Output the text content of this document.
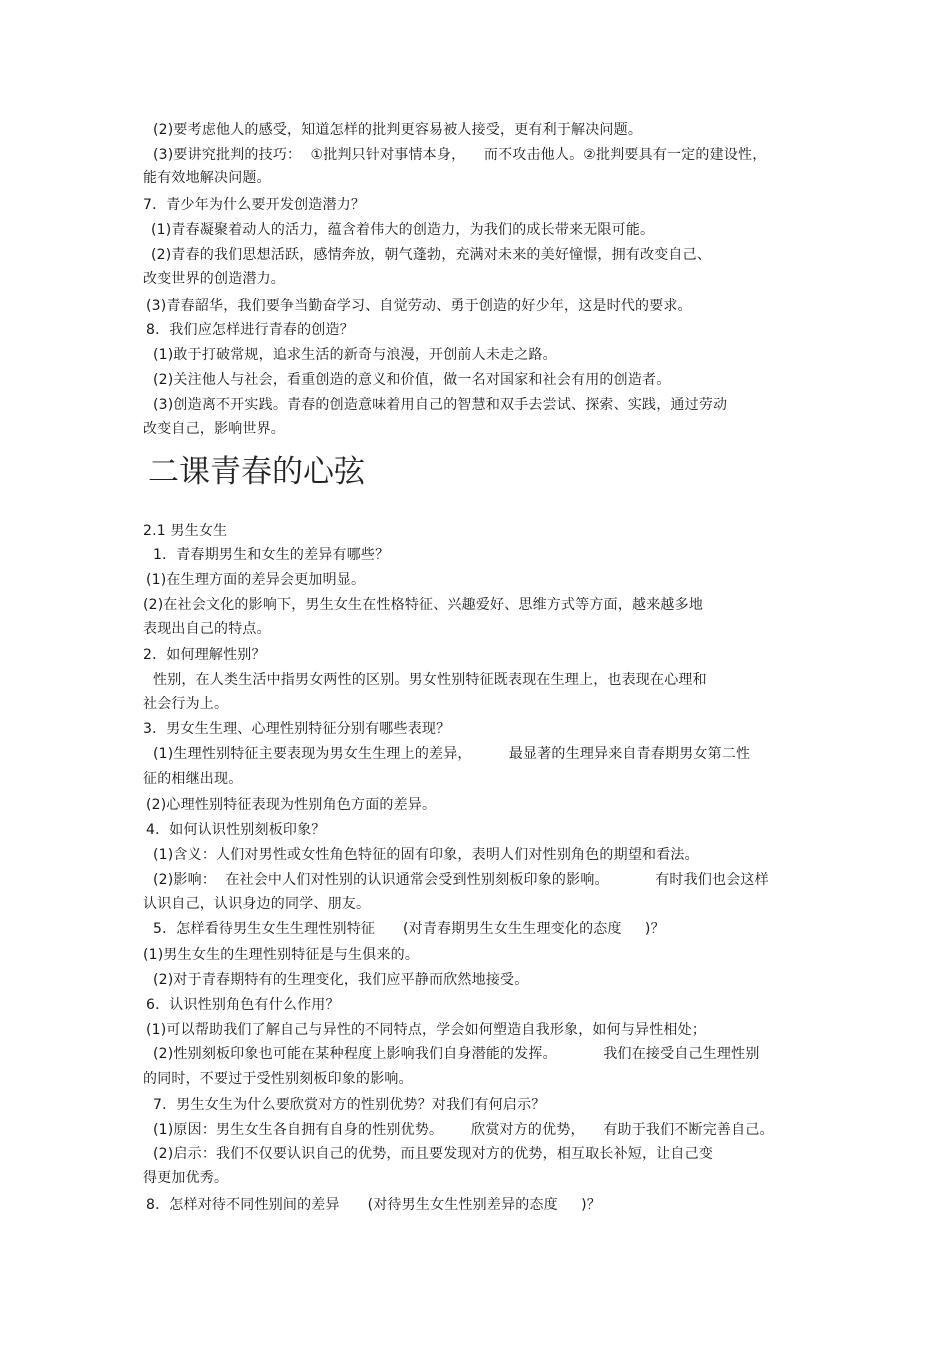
(2)要考虑他人的感受，知道怎样的批判更容易被人接受，更有利于解决问题。
(3)要讲究批判的技巧：  ①批判只针对事情本身，    而不攻击他人。②批判要具有一定的建设性，
能有效地解决问题。
7．青少年为什么要开发创造潜力？
(1)青春凝聚着动人的活力，蕴含着伟大的创造力，为我们的成长带来无限可能。
(2)青春的我们思想活跃，感情奔放，朝气蓬勃，充满对未来的美好憧憬，拥有改变自己、
改变世界的创造潜力。
(3)青春韶华，我们要争当勤奋学习、自觉劳动、勇于创造的好少年，这是时代的要求。
8．我们应怎样进行青春的创造？
(1)敢于打破常规，追求生活的新奇与浪漫，开创前人未走之路。
(2)关注他人与社会，看重创造的意义和价值，做一名对国家和社会有用的创造者。
(3)创造离不开实践。青春的创造意味着用自己的智慧和双手去尝试、探索、实践，通过劳动
改变自己，影响世界。
二课青春的心弦
2.1 男生女生
1．青春期男生和女生的差异有哪些？
(1)在生理方面的差异会更加明显。
(2)在社会文化的影响下，男生女生在性格特征、兴趣爱好、思维方式等方面，越来越多地
表现出自己的特点。
2．如何理解性别？
性别，在人类生活中指男女两性的区别。男女性别特征既表现在生理上，也表现在心理和
社会行为上。
3．男女生生理、心理性别特征分别有哪些表现？
(1)生理性别特征主要表现为男女生生理上的差异，        最显著的生理异来自青春期男女第二性
征的相继出现。
(2)心理性别特征表现为性别角色方面的差异。
4．如何认识性别刻板印象？
(1)含义：人们对男性或女性角色特征的固有印象，表明人们对性别角色的期望和看法。
(2)影响：  在社会中人们对性别的认识通常会受到性别刻板印象的影响。          有时我们也会这样
认识自己，认识身边的同学、朋友。
5．怎样看待男生女生生理性别特征      (对青春期男生女生生理变化的态度     )？
(1)男生女生的生理性别特征是与生俱来的。
(2)对于青春期特有的生理变化，我们应平静而欣然地接受。
6．认识性别角色有什么作用？
(1)可以帮助我们了解自己与异性的不同特点，学会如何塑造自我形象，如何与异性相处；
(2)性别刻板印象也可能在某种程度上影响我们自身潜能的发挥。          我们在接受自己生理性别
的同时，不要过于受性别刻板印象的影响。
7．男生女生为什么要欣赏对方的性别优势？对我们有何启示？
(1)原因：男生女生各自拥有自身的性别优势。      欣赏对方的优势，    有助于我们不断完善自己。
(2)启示：我们不仅要认识自己的优势，而且要发现对方的优势，相互取长补短，让自己变
得更加优秀。
8．怎样对待不同性别间的差异      (对待男生女生性别差异的态度     )？
